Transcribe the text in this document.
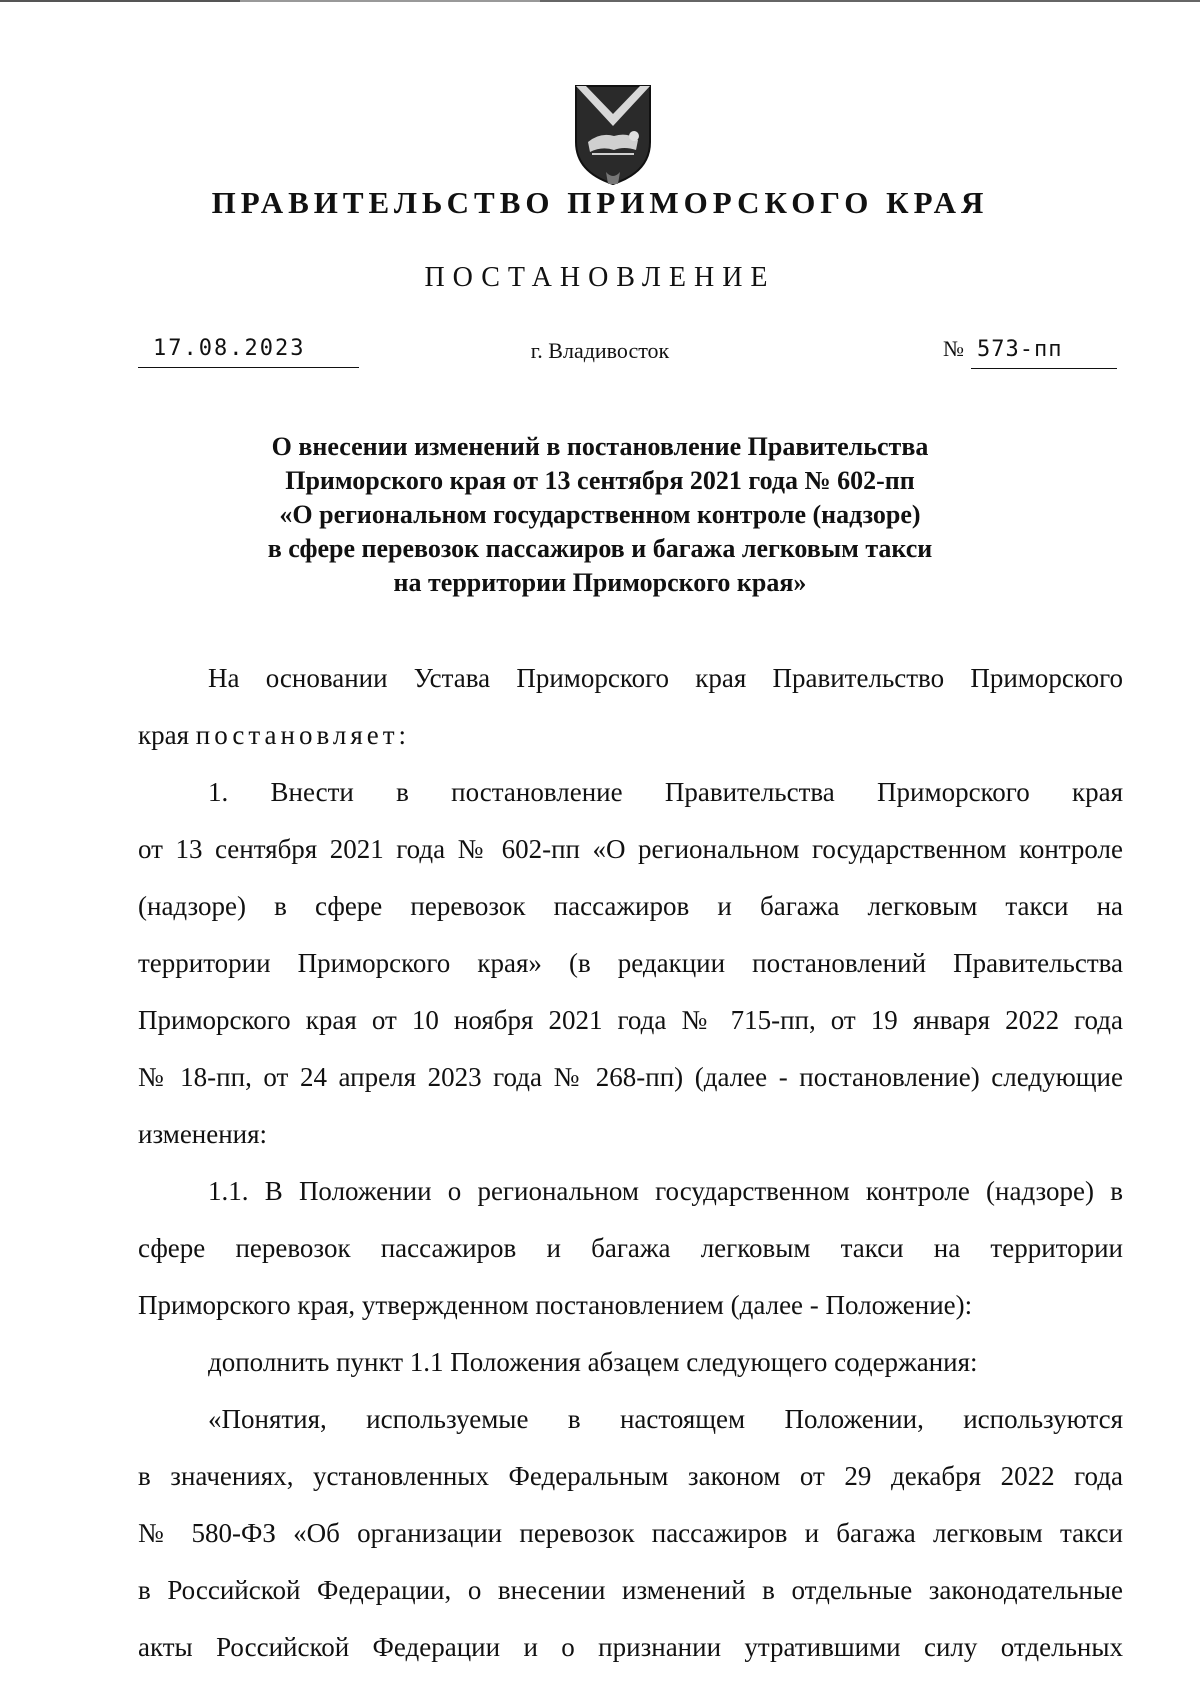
ПРАВИТЕЛЬСТВО ПРИМОРСКОГО КРАЯ
ПОСТАНОВЛЕНИЕ
17.08.2023	г. Владивосток	№ 573-пп
О внесении изменений в постановление Правительства
Приморского края от 13 сентября 2021 года № 602-пп
«О региональном государственном контроле (надзоре)
в сфере перевозок пассажиров и багажа легковым такси
на территории Приморского края»
На основании Устава Приморского края Правительство Приморского
края постановляет:
1. Внести в постановление Правительства Приморского края
от 13 сентября 2021 года № 602-пп «О региональном государственном контроле
(надзоре) в сфере перевозок пассажиров и багажа легковым такси на
территории Приморского края» (в редакции постановлений Правительства
Приморского края от 10 ноября 2021 года № 715-пп, от 19 января 2022 года
№ 18-пп, от 24 апреля 2023 года № 268-пп) (далее - постановление) следующие
изменения:
1.1. В Положении о региональном государственном контроле (надзоре) в
сфере перевозок пассажиров и багажа легковым такси на территории
Приморского края, утвержденном постановлением (далее - Положение):
дополнить пункт 1.1 Положения абзацем следующего содержания:
«Понятия, используемые в настоящем Положении, используются
в значениях, установленных Федеральным законом от 29 декабря 2022 года
№ 580-ФЗ «Об организации перевозок пассажиров и багажа легковым такси
в Российской Федерации, о внесении изменений в отдельные законодательные
акты Российской Федерации и о признании утратившими силу отдельных
